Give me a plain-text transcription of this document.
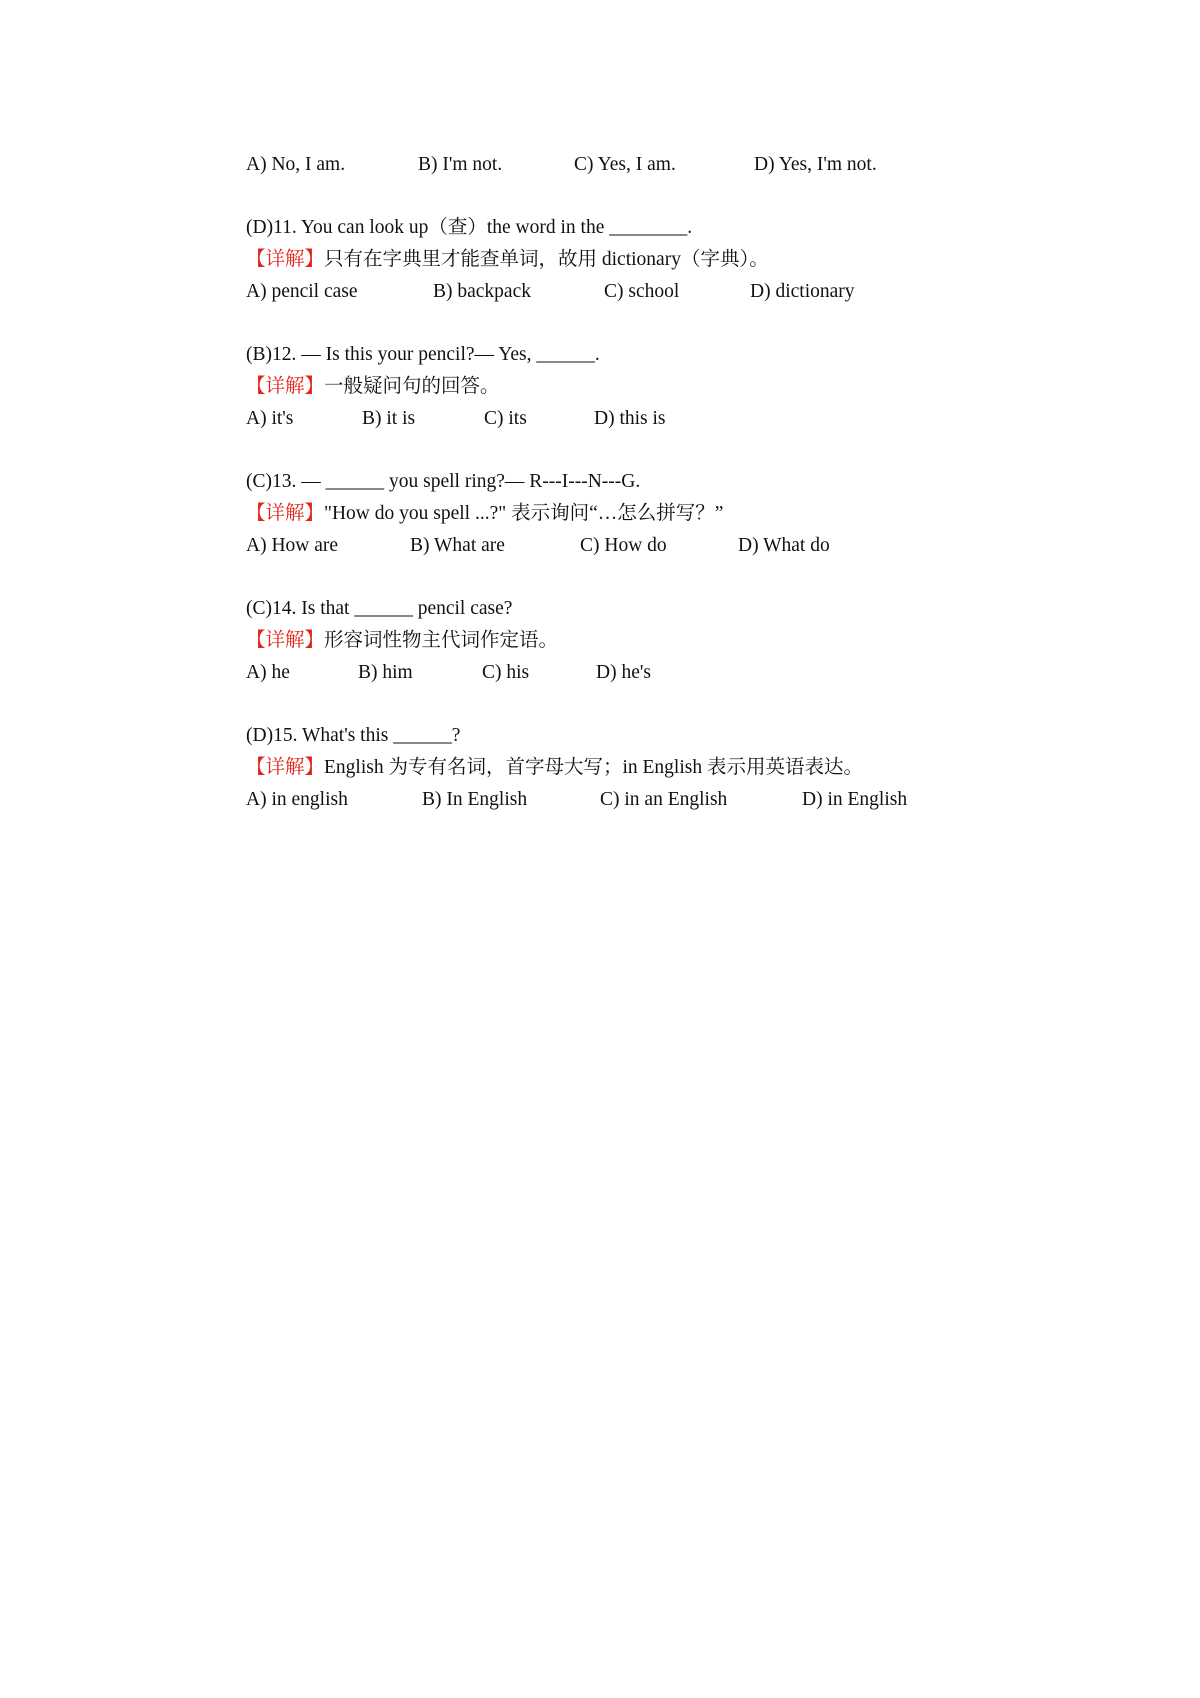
A) No, I am.	B) I'm not.	C) Yes, I am.	D) Yes, I'm not.
(D)11. You can look up（查）the word in the ________.
【详解】只有在字典里才能查单词，故用 dictionary（字典）。
A) pencil case	B) backpack	C) school	D) dictionary
(B)12. — Is this your pencil?— Yes, ______.
【详解】一般疑问句的回答。
A) it's	B) it is	C) its	D) this is
(C)13. — ______ you spell ring?— R---I---N---G.
【详解】"How do you spell ...?" 表示询问“…怎么拼写？”
A) How are	B) What are	C) How do	D) What do
(C)14. Is that ______ pencil case?
【详解】形容词性物主代词作定语。
A) he	B) him	C) his	D) he's
(D)15. What's this ______?
【详解】English 为专有名词，首字母大写；in English 表示用英语表达。
A) in english	B) In English	C) in an English	D) in English
